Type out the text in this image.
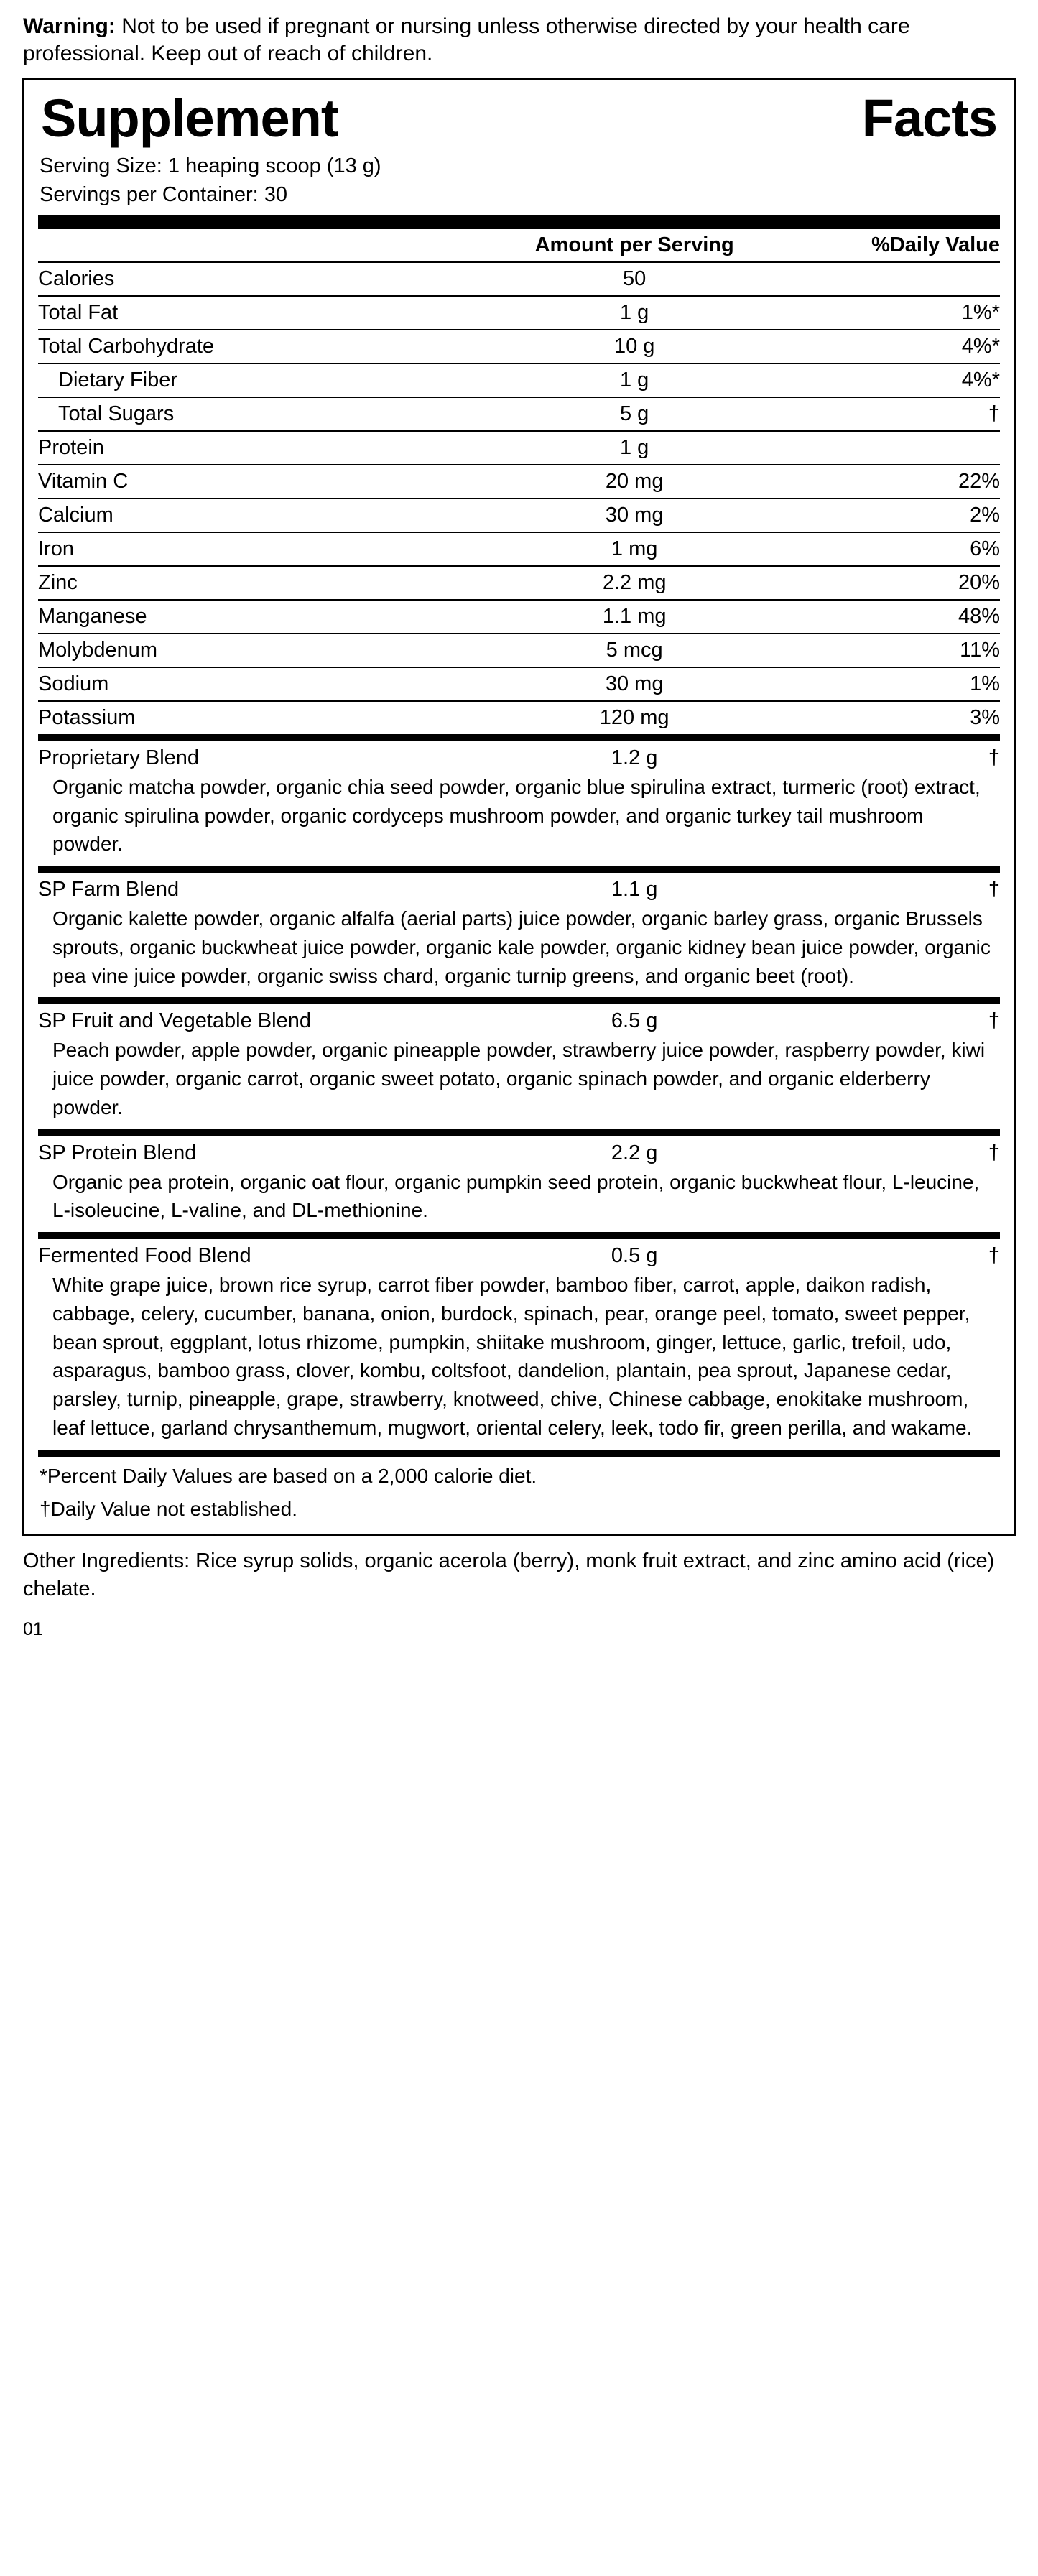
Warning: Not to be used if pregnant or nursing unless otherwise directed by your health care professional. Keep out of reach of children.

Supplement	Facts
Serving Size: 1 heaping scoop (13 g)
Servings per Container: 30
	Amount per Serving	%Daily Value
Calories	50	
Total Fat	1 g	1%*
Total Carbohydrate	10 g	4%*
Dietary Fiber	1 g	4%*
Total Sugars	5 g	†
Protein	1 g	
Vitamin C	20 mg	22%
Calcium	30 mg	2%
Iron	1 mg	6%
Zinc	2.2 mg	20%
Manganese	1.1 mg	48%
Molybdenum	5 mcg	11%
Sodium	30 mg	1%
Potassium	120 mg	3%
Proprietary Blend	1.2 g	†
Organic matcha powder, organic chia seed powder, organic blue spirulina extract, turmeric (root) extract, organic spirulina powder, organic cordyceps mushroom powder, and organic turkey tail mushroom powder.
SP Farm Blend	1.1 g	†
Organic kalette powder, organic alfalfa (aerial parts) juice powder, organic barley grass, organic Brussels sprouts, organic buckwheat juice powder, organic kale powder, organic kidney bean juice powder, organic pea vine juice powder, organic swiss chard, organic turnip greens, and organic beet (root).
SP Fruit and Vegetable Blend	6.5 g	†
Peach powder, apple powder, organic pineapple powder, strawberry juice powder, raspberry powder, kiwi juice powder, organic carrot, organic sweet potato, organic spinach powder, and organic elderberry powder.
SP Protein Blend	2.2 g	†
Organic pea protein, organic oat flour, organic pumpkin seed protein, organic buckwheat flour, L-leucine, L-isoleucine, L-valine, and DL-methionine.
Fermented Food Blend	0.5 g	†
White grape juice, brown rice syrup, carrot fiber powder, bamboo fiber, carrot, apple, daikon radish, cabbage, celery, cucumber, banana, onion, burdock, spinach, pear, orange peel, tomato, sweet pepper, bean sprout, eggplant, lotus rhizome, pumpkin, shiitake mushroom, ginger, lettuce, garlic, trefoil, udo, asparagus, bamboo grass, clover, kombu, coltsfoot, dandelion, plantain, pea sprout, Japanese cedar, parsley, turnip, pineapple, grape, strawberry, knotweed, chive, Chinese cabbage, enokitake mushroom, leaf lettuce, garland chrysanthemum, mugwort, oriental celery, leek, todo fir, green perilla, and wakame.
*Percent Daily Values are based on a 2,000 calorie diet.
†Daily Value not established.

Other Ingredients: Rice syrup solids, organic acerola (berry), monk fruit extract, and zinc amino acid (rice) chelate.

01
